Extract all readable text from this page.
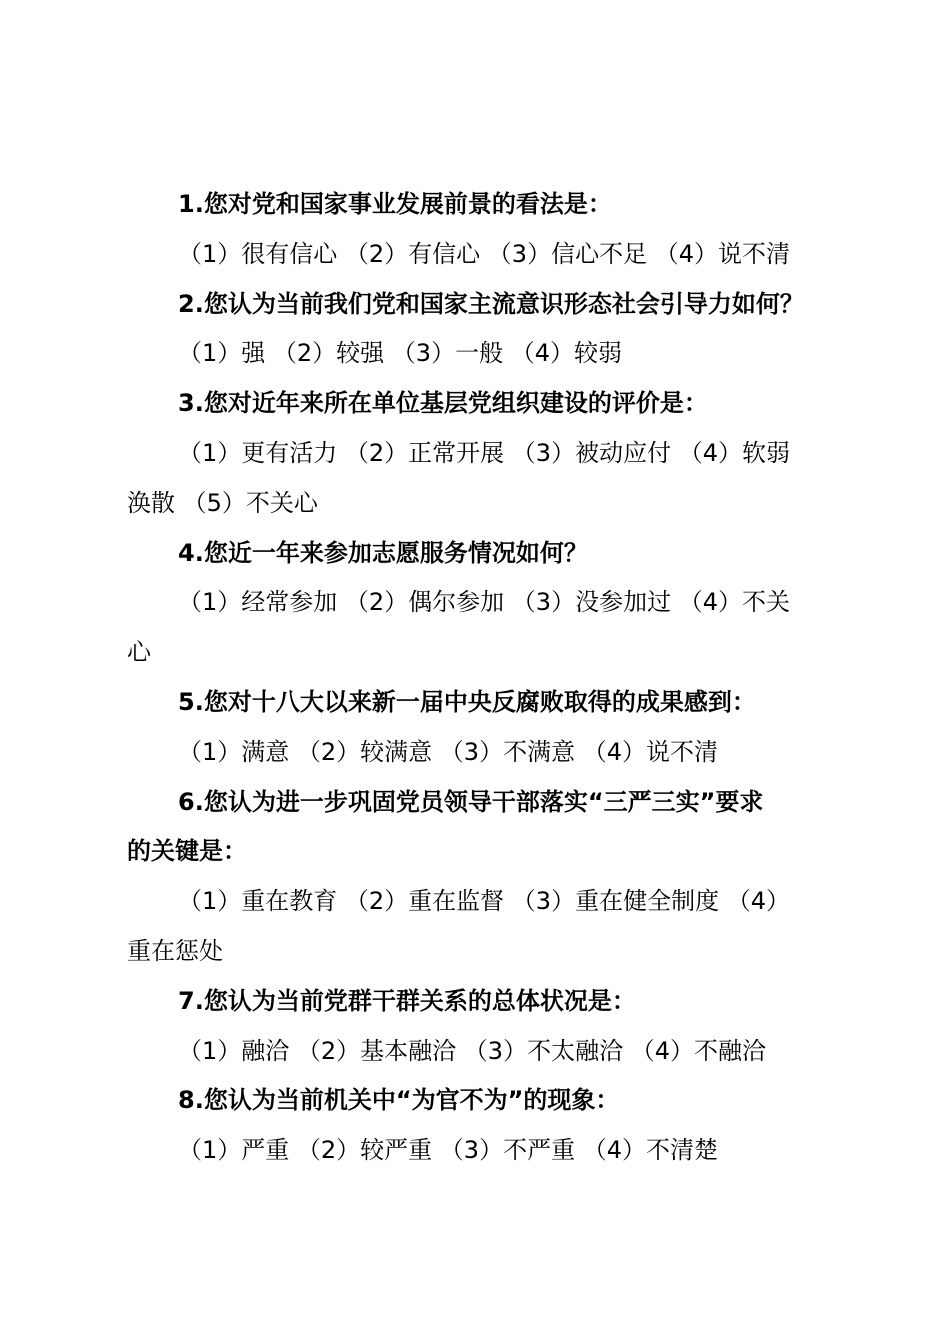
1.您对党和国家事业发展前景的看法是：
（1）很有信心 （2）有信心 （3）信心不足 （4）说不清
2.您认为当前我们党和国家主流意识形态社会引导力如何？
（1）强 （2）较强 （3）一般 （4）较弱
3.您对近年来所在单位基层党组织建设的评价是：
（1）更有活力 （2）正常开展 （3）被动应付 （4）软弱
涣散 （5）不关心
4.您近一年来参加志愿服务情况如何？
（1）经常参加 （2）偶尔参加 （3）没参加过 （4）不关
心
5.您对十八大以来新一届中央反腐败取得的成果感到：
（1）满意 （2）较满意 （3）不满意 （4）说不清
6.您认为进一步巩固党员领导干部落实“三严三实”要求
的关键是：
（1）重在教育 （2）重在监督 （3）重在健全制度 （4）
重在惩处
7.您认为当前党群干群关系的总体状况是：
（1）融洽 （2）基本融洽 （3）不太融洽 （4）不融洽
8.您认为当前机关中“为官不为”的现象：
（1）严重 （2）较严重 （3）不严重 （4）不清楚
